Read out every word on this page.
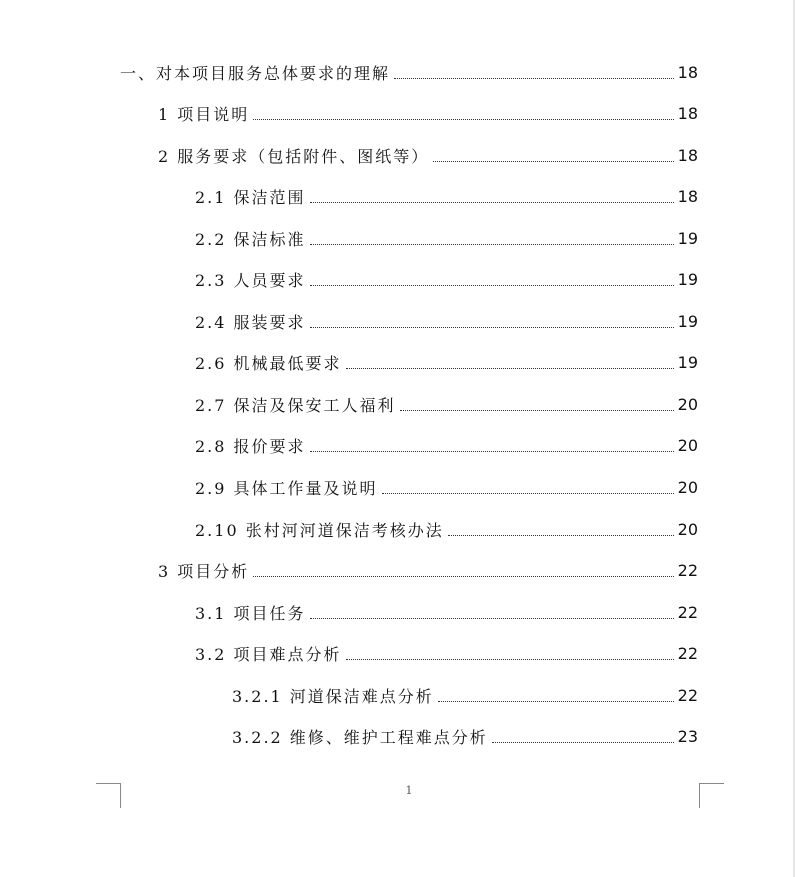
一、对本项目服务总体要求的理解	18
1 项目说明	18
2 服务要求（包括附件、图纸等）	18
2.1 保洁范围	18
2.2 保洁标准	19
2.3 人员要求	19
2.4 服装要求	19
2.6 机械最低要求	19
2.7 保洁及保安工人福利	20
2.8 报价要求	20
2.9 具体工作量及说明	20
2.10 张村河河道保洁考核办法	20
3 项目分析	22
3.1 项目任务	22
3.2 项目难点分析	22
3.2.1 河道保洁难点分析	22
3.2.2 维修、维护工程难点分析	23
1
